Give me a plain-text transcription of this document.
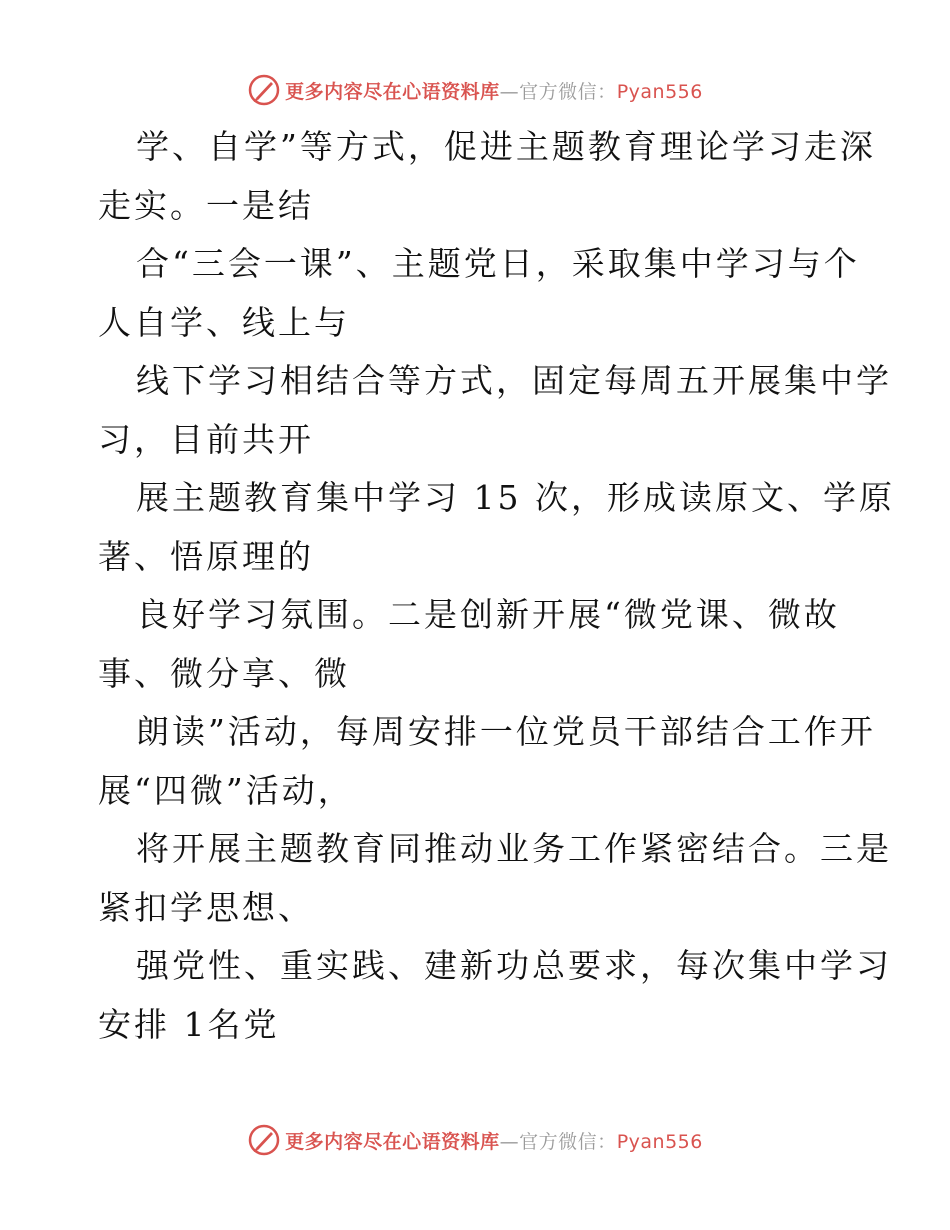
更多内容尽在心语资料库—官方微信：Pyan556
学、自学”等方式，促进主题教育理论学习走深
走实。一是结
合“三会一课”、主题党日，采取集中学习与个
人自学、线上与
线下学习相结合等方式，固定每周五开展集中学
习，目前共开
展主题教育集中学习 15 次，形成读原文、学原
著、悟原理的
良好学习氛围。二是创新开展“微党课、微故
事、微分享、微
朗读”活动，每周安排一位党员干部结合工作开
展“四微”活动，
将开展主题教育同推动业务工作紧密结合。三是
紧扣学思想、
强党性、重实践、建新功总要求，每次集中学习
安排 1名党
更多内容尽在心语资料库—官方微信：Pyan556
